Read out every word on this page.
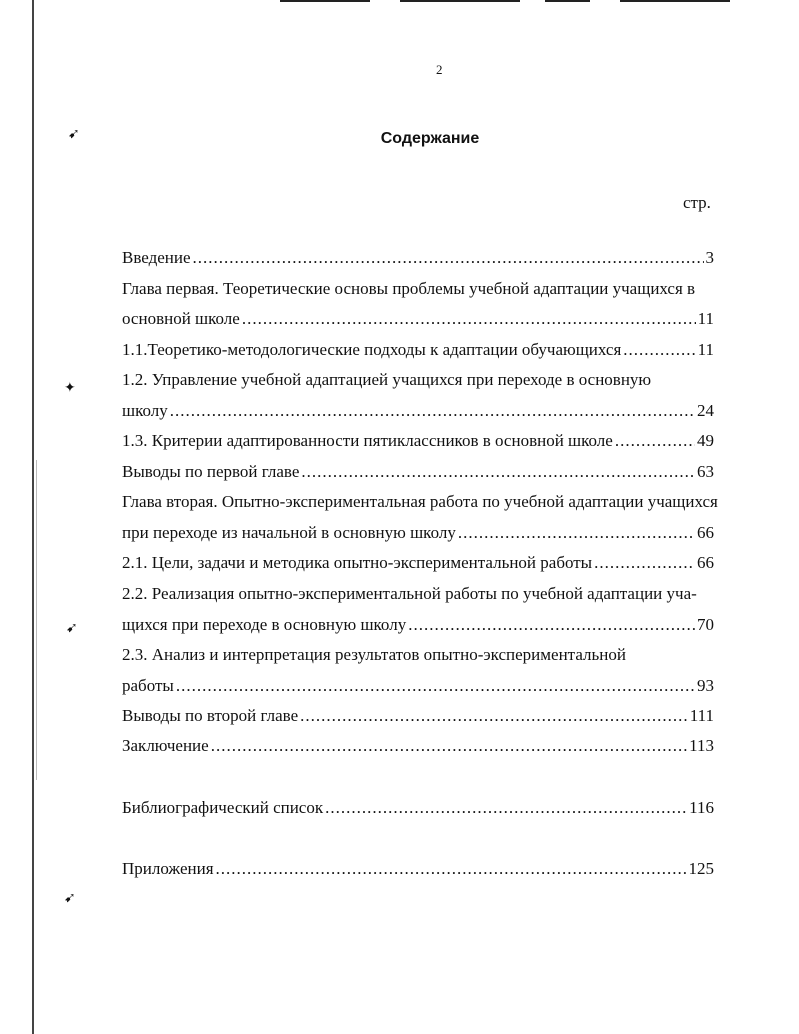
➹
✦
➹
➹
2
Содержание
стр.
Введение .....	3
Глава первая. Теоретические основы проблемы учебной адаптации учащихся в
основной школе .....	11
1.1.Теоретико-методологические подходы к адаптации обучающихся .....	11
1.2. Управление учебной адаптацией учащихся при переходе в основную
школу .....	24
1.3. Критерии адаптированности пятиклассников в основной школе .....	49
Выводы по первой главе .....	63
Глава вторая. Опытно-экспериментальная работа по учебной адаптации учащихся
при переходе из начальной в основную школу .....	66
2.1. Цели, задачи и методика опытно-экспериментальной работы .....	66
2.2. Реализация опытно-экспериментальной работы по учебной адаптации уча-
щихся при переходе в основную школу .....	70
2.3. Анализ и интерпретация результатов опытно-экспериментальной
работы .....	93
Выводы по второй главе .....	111
Заключение .....	113
Библиографический список .....	116
Приложения .....	125
